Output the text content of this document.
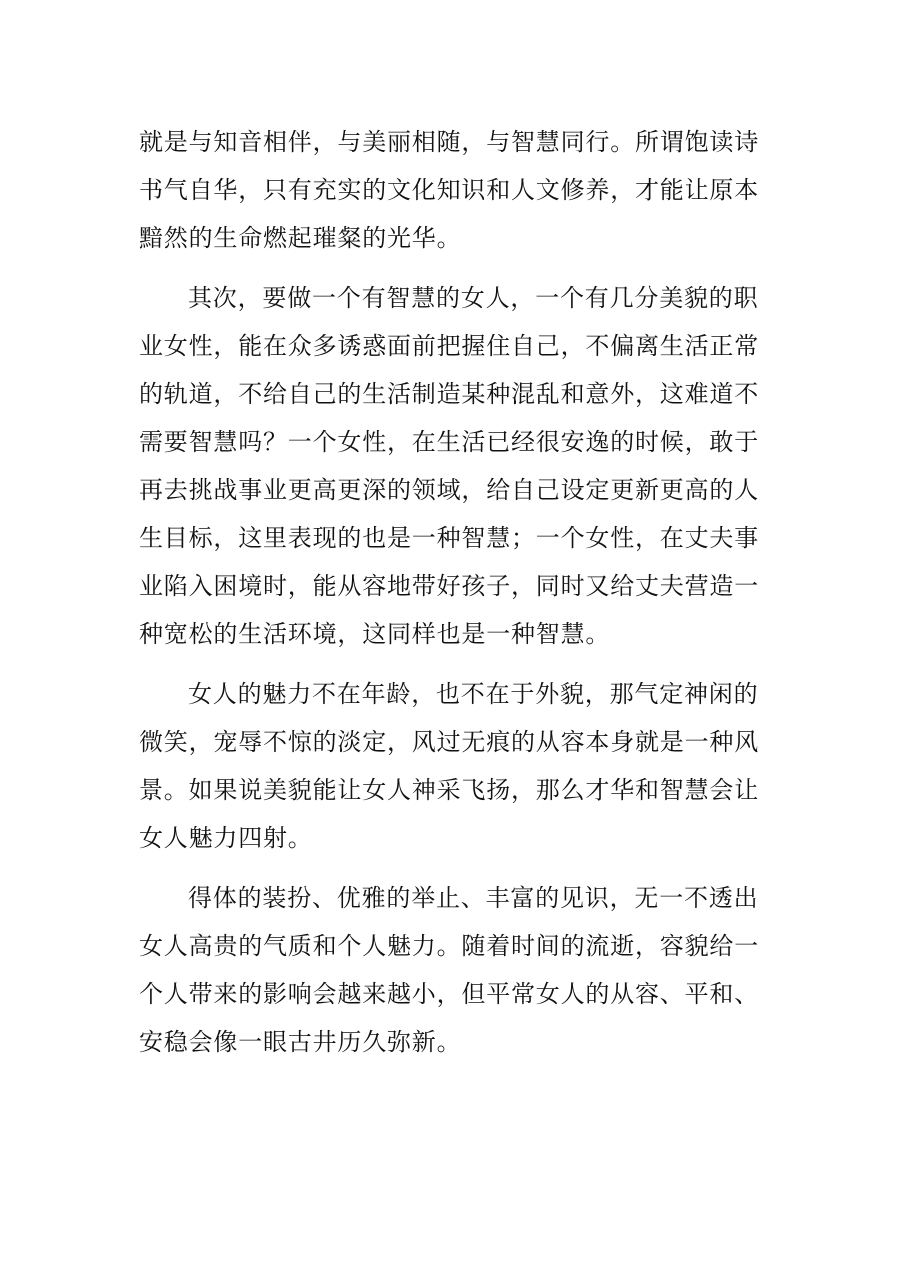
就是与知音相伴，与美丽相随，与智慧同行。所谓饱读诗
书气自华，只有充实的文化知识和人文修养，才能让原本
黯然的生命燃起璀粲的光华。

其次，要做一个有智慧的女人，一个有几分美貌的职
业女性，能在众多诱惑面前把握住自己，不偏离生活正常
的轨道，不给自己的生活制造某种混乱和意外，这难道不
需要智慧吗？一个女性，在生活已经很安逸的时候，敢于
再去挑战事业更高更深的领域，给自己设定更新更高的人
生目标，这里表现的也是一种智慧；一个女性，在丈夫事
业陷入困境时，能从容地带好孩子，同时又给丈夫营造一
种宽松的生活环境，这同样也是一种智慧。

女人的魅力不在年龄，也不在于外貌，那气定神闲的
微笑，宠辱不惊的淡定，风过无痕的从容本身就是一种风
景。如果说美貌能让女人神采飞扬，那么才华和智慧会让
女人魅力四射。

得体的装扮、优雅的举止、丰富的见识，无一不透出
女人高贵的气质和个人魅力。随着时间的流逝，容貌给一
个人带来的影响会越来越小，但平常女人的从容、平和、
安稳会像一眼古井历久弥新。
